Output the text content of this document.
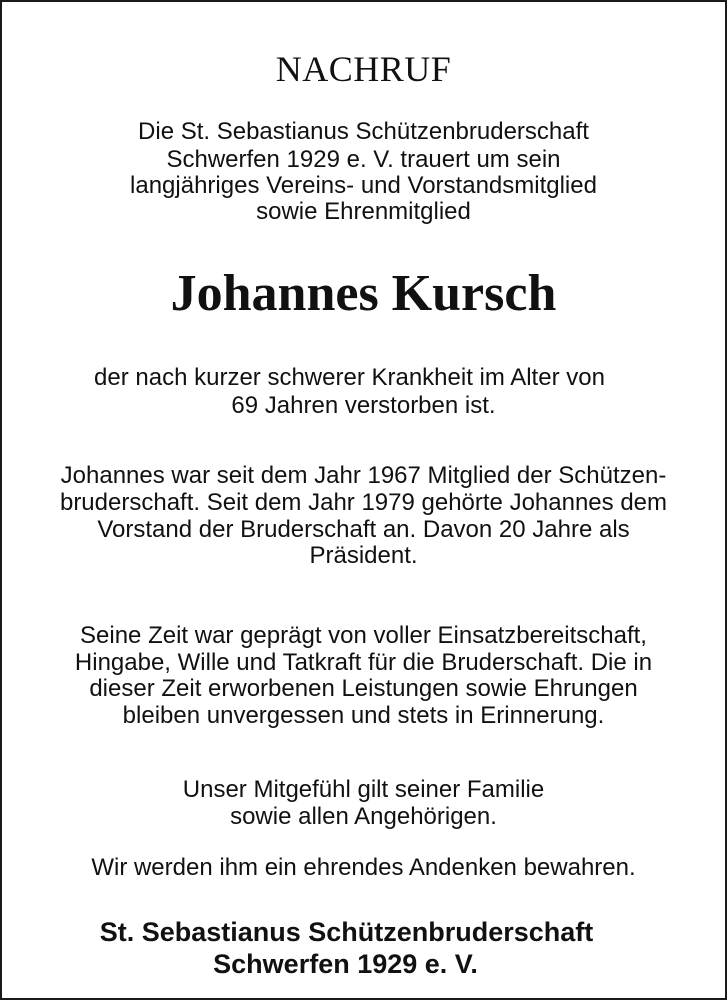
NACHRUF
Die St. Sebastianus Schützenbruderschaft
Schwerfen 1929 e. V. trauert um sein
langjähriges Vereins- und Vorstandsmitglied
sowie Ehrenmitglied
Johannes Kursch
der nach kurzer schwerer Krankheit im Alter von
69 Jahren verstorben ist.
Johannes war seit dem Jahr 1967 Mitglied der Schützen-
bruderschaft. Seit dem Jahr 1979 gehörte Johannes dem
Vorstand der Bruderschaft an. Davon 20 Jahre als
Präsident.
Seine Zeit war geprägt von voller Einsatzbereitschaft,
Hingabe, Wille und Tatkraft für die Bruderschaft. Die in
dieser Zeit erworbenen Leistungen sowie Ehrungen
bleiben unvergessen und stets in Erinnerung.
Unser Mitgefühl gilt seiner Familie
sowie allen Angehörigen.
Wir werden ihm ein ehrendes Andenken bewahren.
St. Sebastianus Schützenbruderschaft
Schwerfen 1929 e. V.
